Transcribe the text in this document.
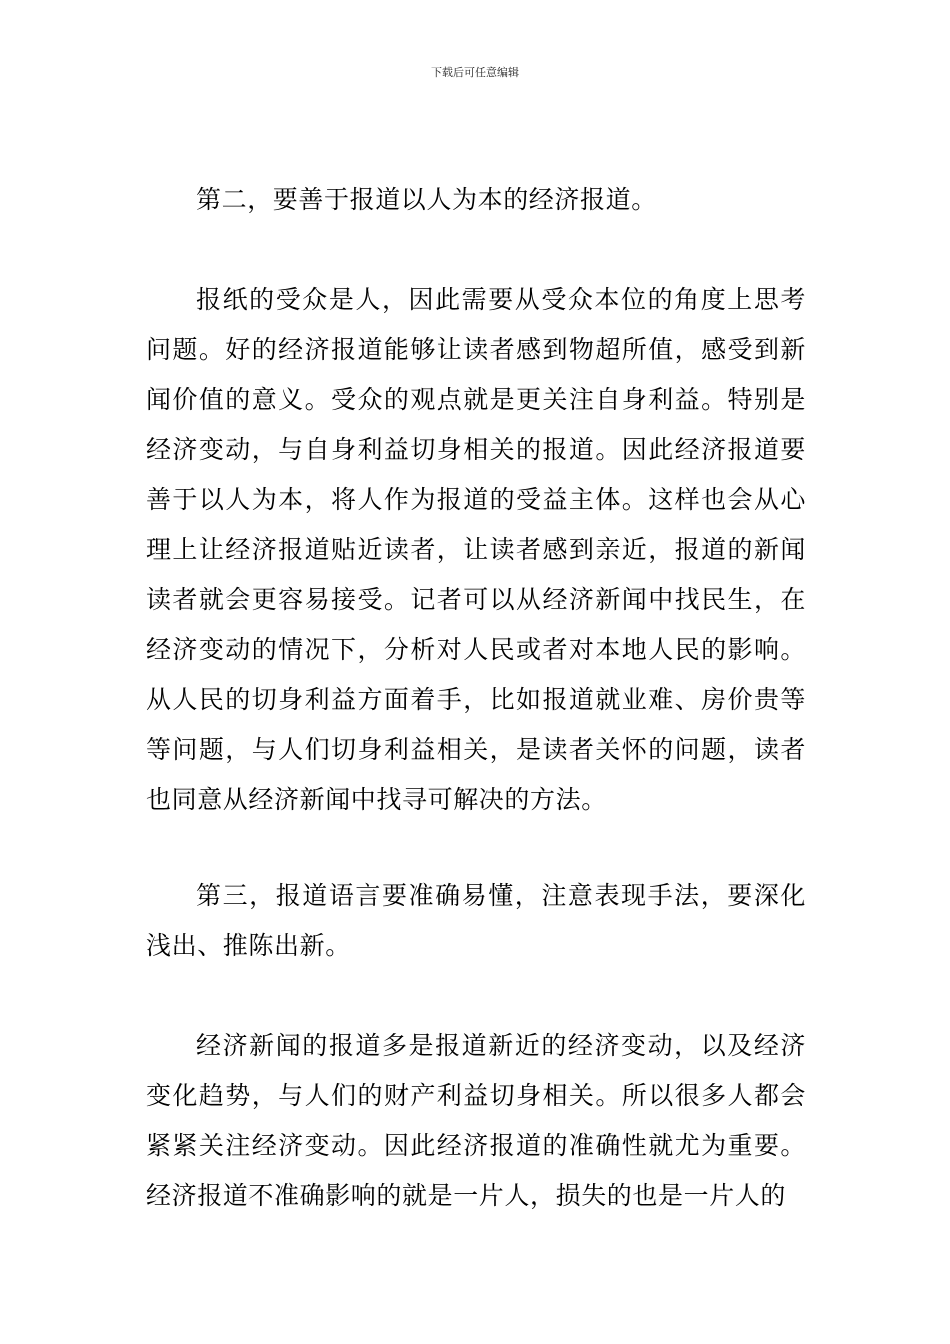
下载后可任意编辑

第二，要善于报道以人为本的经济报道。

报纸的受众是人，因此需要从受众本位的角度上思考问题。好的经济报道能够让读者感到物超所值，感受到新闻价值的意义。受众的观点就是更关注自身利益。特别是经济变动，与自身利益切身相关的报道。因此经济报道要善于以人为本，将人作为报道的受益主体。这样也会从心理上让经济报道贴近读者，让读者感到亲近，报道的新闻读者就会更容易接受。记者可以从经济新闻中找民生，在经济变动的情况下，分析对人民或者对本地人民的影响。从人民的切身利益方面着手，比如报道就业难、房价贵等等问题，与人们切身利益相关，是读者关怀的问题，读者也同意从经济新闻中找寻可解决的方法。

第三，报道语言要准确易懂，注意表现手法，要深化浅出、推陈出新。

经济新闻的报道多是报道新近的经济变动，以及经济变化趋势，与人们的财产利益切身相关。所以很多人都会紧紧关注经济变动。因此经济报道的准确性就尤为重要。经济报道不准确影响的就是一片人，损失的也是一片人的
